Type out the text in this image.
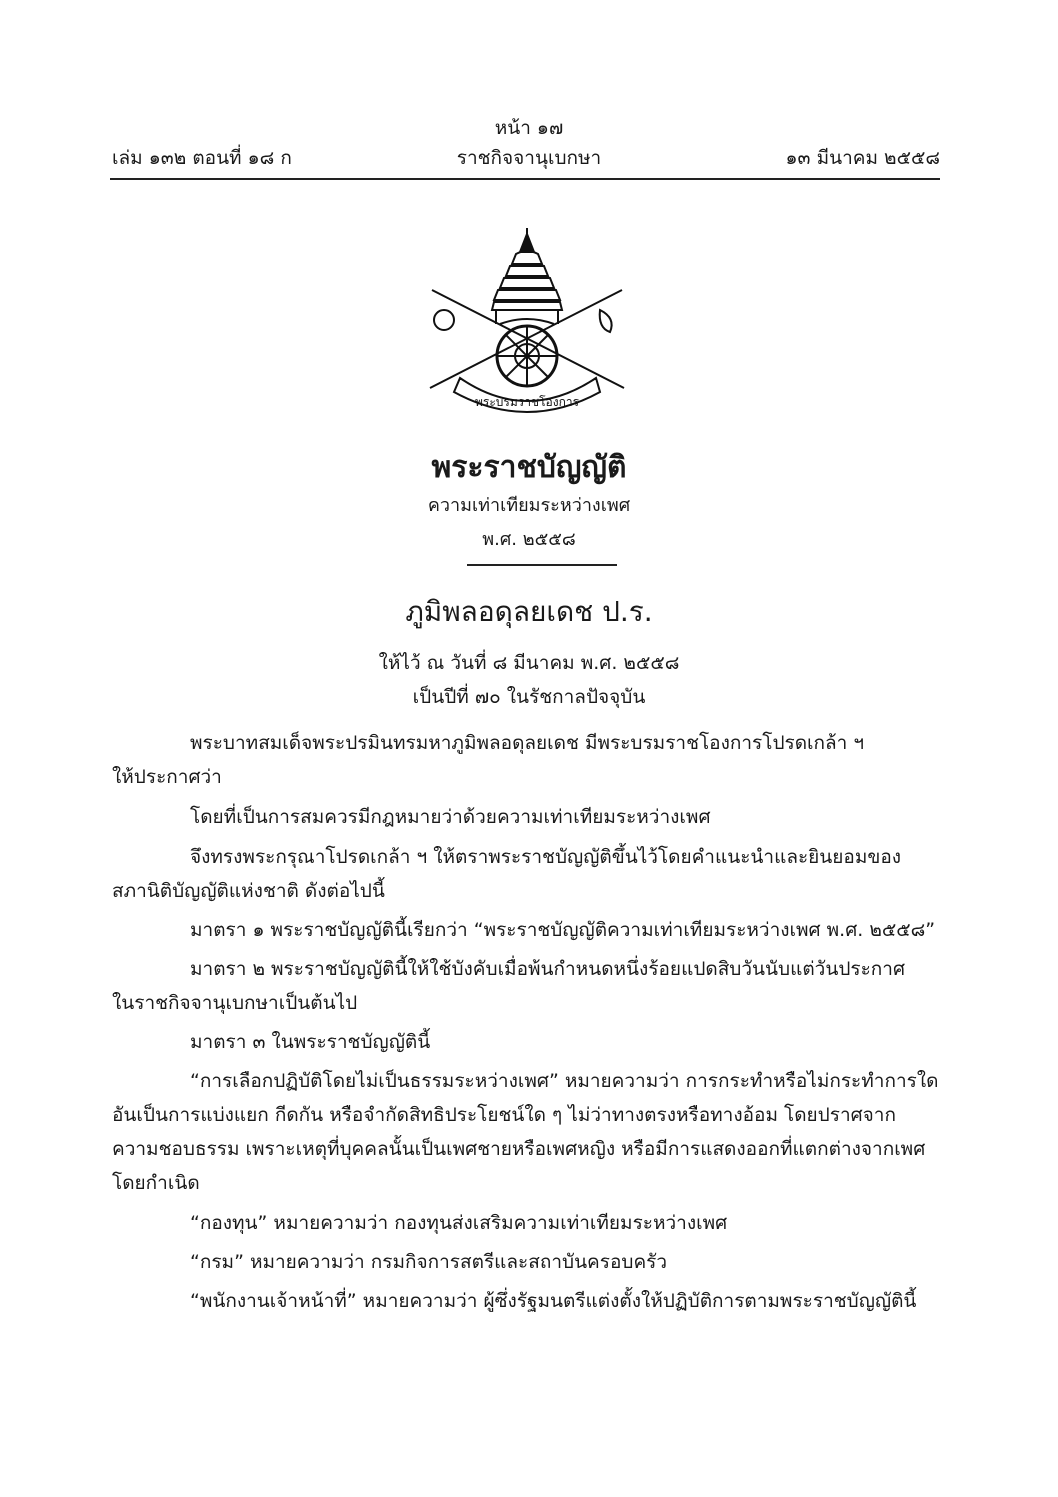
หน้า ๑๗
เล่ม ๑๓๒ ตอนที่ ๑๘ ก	ราชกิจจานุเบกษา	๑๓ มีนาคม ๒๕๕๘
พระบรมราชโองการ
พระราชบัญญัติ
ความเท่าเทียมระหว่างเพศ
พ.ศ. ๒๕๕๘
ภูมิพลอดุลยเดช ป.ร.
ให้ไว้ ณ วันที่ ๘ มีนาคม พ.ศ. ๒๕๕๘
เป็นปีที่ ๗๐ ในรัชกาลปัจจุบัน
พระบาทสมเด็จพระปรมินทรมหาภูมิพลอดุลยเดช มีพระบรมราชโองการโปรดเกล้า ฯ
ให้ประกาศว่า
โดยที่เป็นการสมควรมีกฎหมายว่าด้วยความเท่าเทียมระหว่างเพศ
จึงทรงพระกรุณาโปรดเกล้า ฯ ให้ตราพระราชบัญญัติขึ้นไว้โดยคำแนะนำและยินยอมของ
สภานิติบัญญัติแห่งชาติ ดังต่อไปนี้
มาตรา ๑ พระราชบัญญัตินี้เรียกว่า “พระราชบัญญัติความเท่าเทียมระหว่างเพศ พ.ศ. ๒๕๕๘”
มาตรา ๒ พระราชบัญญัตินี้ให้ใช้บังคับเมื่อพ้นกำหนดหนึ่งร้อยแปดสิบวันนับแต่วันประกาศ
ในราชกิจจานุเบกษาเป็นต้นไป
มาตรา ๓ ในพระราชบัญญัตินี้
“การเลือกปฏิบัติโดยไม่เป็นธรรมระหว่างเพศ” หมายความว่า การกระทำหรือไม่กระทำการใด
อันเป็นการแบ่งแยก กีดกัน หรือจำกัดสิทธิประโยชน์ใด ๆ ไม่ว่าทางตรงหรือทางอ้อม โดยปราศจาก
ความชอบธรรม เพราะเหตุที่บุคคลนั้นเป็นเพศชายหรือเพศหญิง หรือมีการแสดงออกที่แตกต่างจากเพศ
โดยกำเนิด
“กองทุน” หมายความว่า กองทุนส่งเสริมความเท่าเทียมระหว่างเพศ
“กรม” หมายความว่า กรมกิจการสตรีและสถาบันครอบครัว
“พนักงานเจ้าหน้าที่” หมายความว่า ผู้ซึ่งรัฐมนตรีแต่งตั้งให้ปฏิบัติการตามพระราชบัญญัตินี้
